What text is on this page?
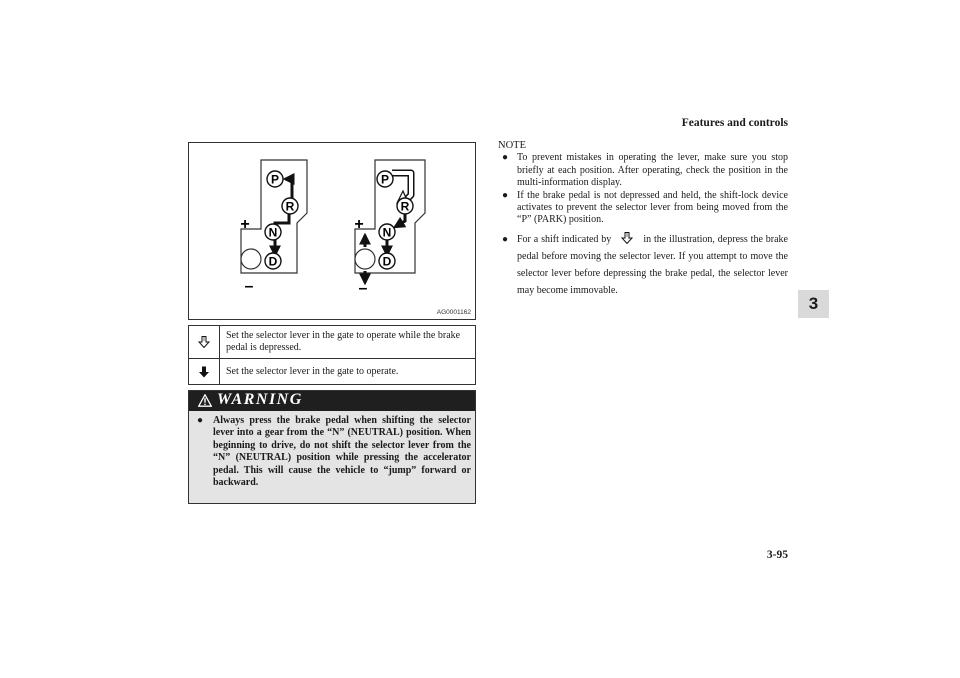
Features and controls
3
P
R
N
D
+
–
P
R
N
D
+
–
AG0001162
Set the selector lever in the gate to operate while the brake pedal is depressed.
Set the selector lever in the gate to operate.
WARNING
● Always press the brake pedal when shifting the selector lever into a gear from the “N” (NEUTRAL) position. When beginning to drive, do not shift the selector lever from the “N” (NEUTRAL) position while pressing the accelerator pedal. This will cause the vehicle to “jump” forward or backward.
NOTE
● To prevent mistakes in operating the lever, make sure you stop briefly at each position. After operating, check the position in the multi-information display.
● If the brake pedal is not depressed and held, the shift-lock device activates to prevent the selector lever from being moved from the “P” (PARK) position.
● For a shift indicated by	in the illustration, depress the brake pedal before moving the selector lever. If you attempt to move the selector lever before depressing the brake pedal, the selector lever may become immovable.
3-95
